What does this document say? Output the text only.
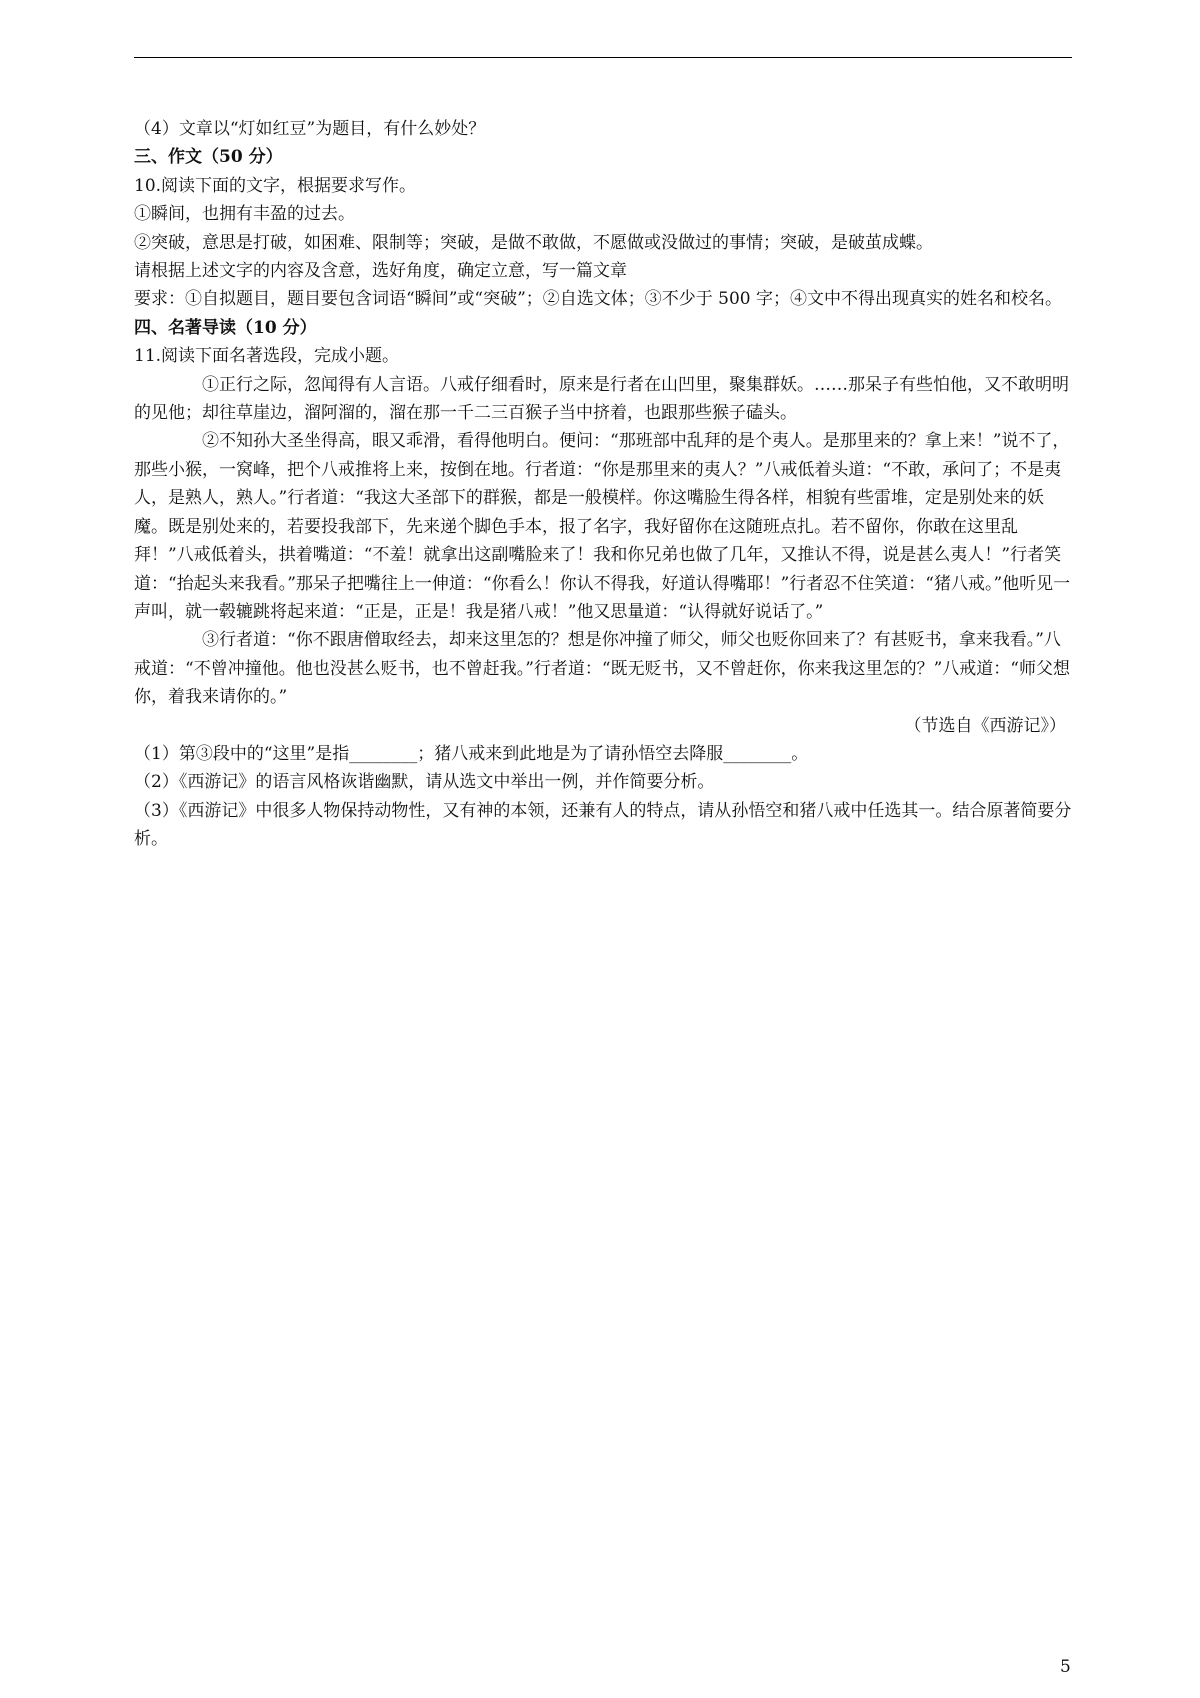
（4）文章以“灯如红豆”为题目，有什么妙处？

三、作文（50 分）

10.阅读下面的文字，根据要求写作。

①瞬间，也拥有丰盈的过去。

②突破，意思是打破，如困难、限制等；突破，是做不敢做，不愿做或没做过的事情；突破，是破茧成蝶。

请根据上述文字的内容及含意，选好角度，确定立意，写一篇文章

要求：①自拟题目，题目要包含词语“瞬间”或“突破”；②自选文体；③不少于 500 字；④文中不得出现真实的姓名和校名。

四、名著导读（10 分）

11.阅读下面名著选段，完成小题。

①正行之际，忽闻得有人言语。八戒仔细看时，原来是行者在山凹里，聚集群妖。……那呆子有些怕他，又不敢明明的见他；却往草崖边，溜阿溜的，溜在那一千二三百猴子当中挤着，也跟那些猴子磕头。

②不知孙大圣坐得高，眼又乖滑，看得他明白。便问：“那班部中乱拜的是个夷人。是那里来的？拿上来！”说不了，那些小猴，一窝峰，把个八戒推将上来，按倒在地。行者道：“你是那里来的夷人？”八戒低着头道：“不敢，承问了；不是夷人，是熟人，熟人。”行者道：“我这大圣部下的群猴，都是一般模样。你这嘴脸生得各样，相貌有些雷堆，定是别处来的妖魔。既是别处来的，若要投我部下，先来递个脚色手本，报了名字，我好留你在这随班点扎。若不留你，你敢在这里乱拜！”八戒低着头，拱着嘴道：“不羞！就拿出这副嘴脸来了！我和你兄弟也做了几年，又推认不得，说是甚么夷人！”行者笑道：“抬起头来我看。”那呆子把嘴往上一伸道：“你看么！你认不得我，好道认得嘴耶！”行者忍不住笑道：“猪八戒。”他听见一声叫，就一毂辘跳将起来道：“正是，正是！我是猪八戒！”他又思量道：“认得就好说话了。”

③行者道：“你不跟唐僧取经去，却来这里怎的？想是你冲撞了师父，师父也贬你回来了？有甚贬书，拿来我看。”八戒道：“不曾冲撞他。他也没甚么贬书，也不曾赶我。”行者道：“既无贬书，又不曾赶你，你来我这里怎的？”八戒道：“师父想你，着我来请你的。”

（节选自《西游记》）

（1）第③段中的“这里”是指________；猪八戒来到此地是为了请孙悟空去降服________。

（2）《西游记》的语言风格诙谐幽默，请从选文中举出一例，并作简要分析。

（3）《西游记》中很多人物保持动物性，又有神的本领，还兼有人的特点，请从孙悟空和猪八戒中任选其一。结合原著简要分析。

5
